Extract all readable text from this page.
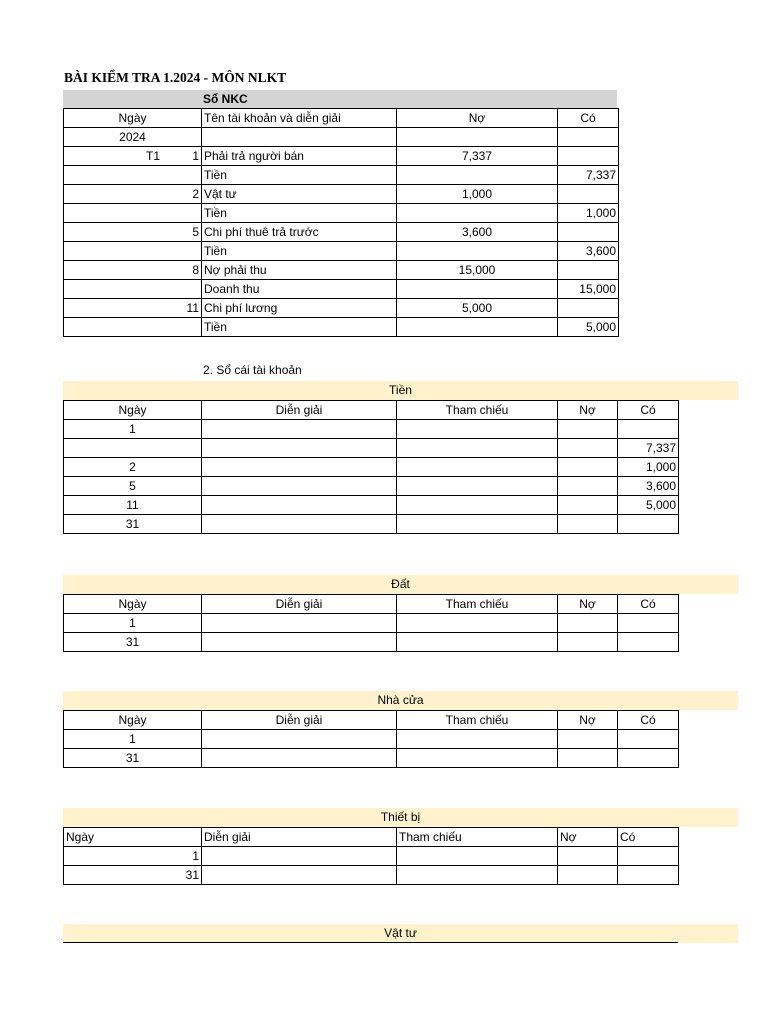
BÀI KIỂM TRA 1.2024 - MÔN NLKT
Sổ NKC
Ngày	Tên tài khoản và diễn giải	Nợ	Có
2024			

T1 1	Phải trả người bán	7,337	
	Tiền		7,337
2	Vật tư	1,000	
	Tiền		1,000
5	Chi phí thuê trả trước	3,600	
	Tiền		3,600
8	Nợ phải thu	15,000	
	Doanh thu		15,000
11	Chi phí lương	5,000	
	Tiền		5,000
2. Sổ cái tài khoản
Tiền
Ngày	Diễn giải	Tham chiếu	Nợ	Có
1				
				7,337
2				1,000
5				3,600
11				5,000
31				
Đất
Ngày	Diễn giải	Tham chiếu	Nợ	Có
1				
31				
Nhà cửa
Ngày	Diễn giải	Tham chiếu	Nợ	Có
1				
31				
Thiết bị
Ngày	Diễn giải	Tham chiếu	Nợ	Có
1				
31				
Vật tư
